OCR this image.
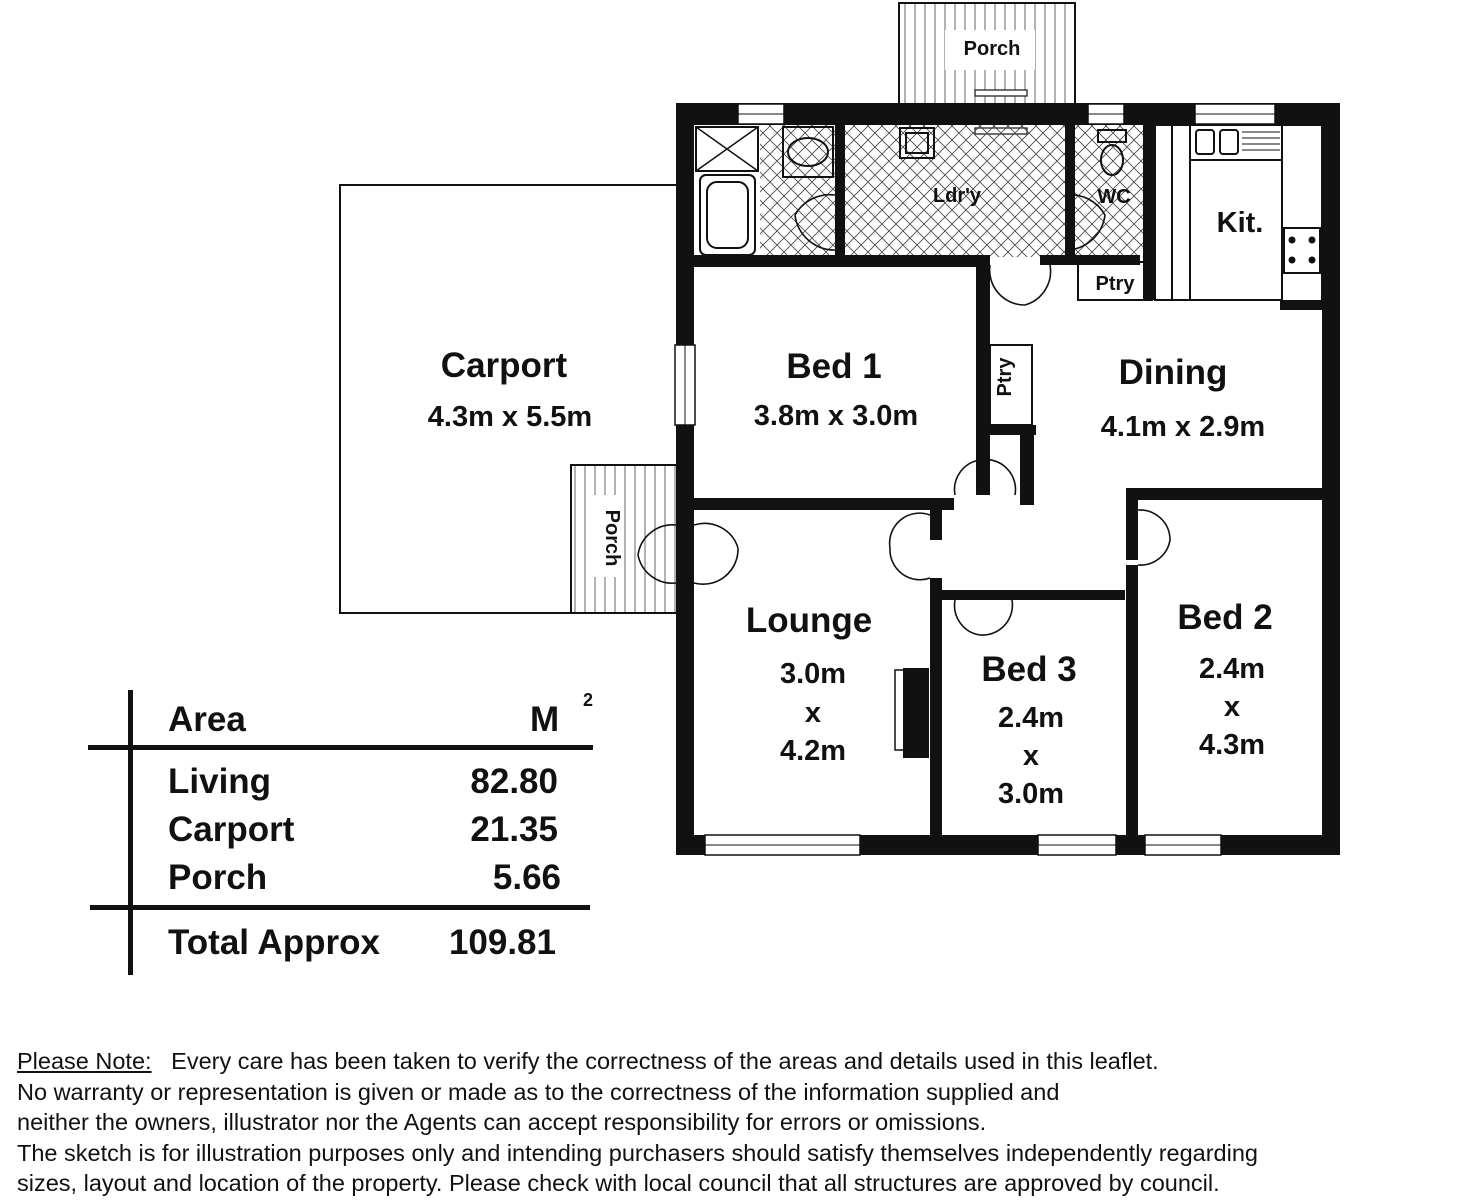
Porch
Ldr'y	WC
Kit.
Ptry
Ptry
Carport
4.3m x 5.5m
Bed 1
3.8m x 3.0m
Dining
4.1m x 2.9m
Porch
Lounge
3.0m
x
4.2m
Bed 3
2.4m
x
3.0m
Bed 2
2.4m
x
4.3m
Area	M 2
Living	82.80
Carport	21.35
Porch	5.66
Total Approx	109.81
Please Note: Every care has been taken to verify the correctness of the areas and details used in this leaflet.
No warranty or representation is given or made as to the correctness of the information supplied and
neither the owners, illustrator nor the Agents can accept responsibility for errors or omissions.
The sketch is for illustration purposes only and intending purchasers should satisfy themselves independently regarding
sizes, layout and location of the property. Please check with local council that all structures are approved by council.
